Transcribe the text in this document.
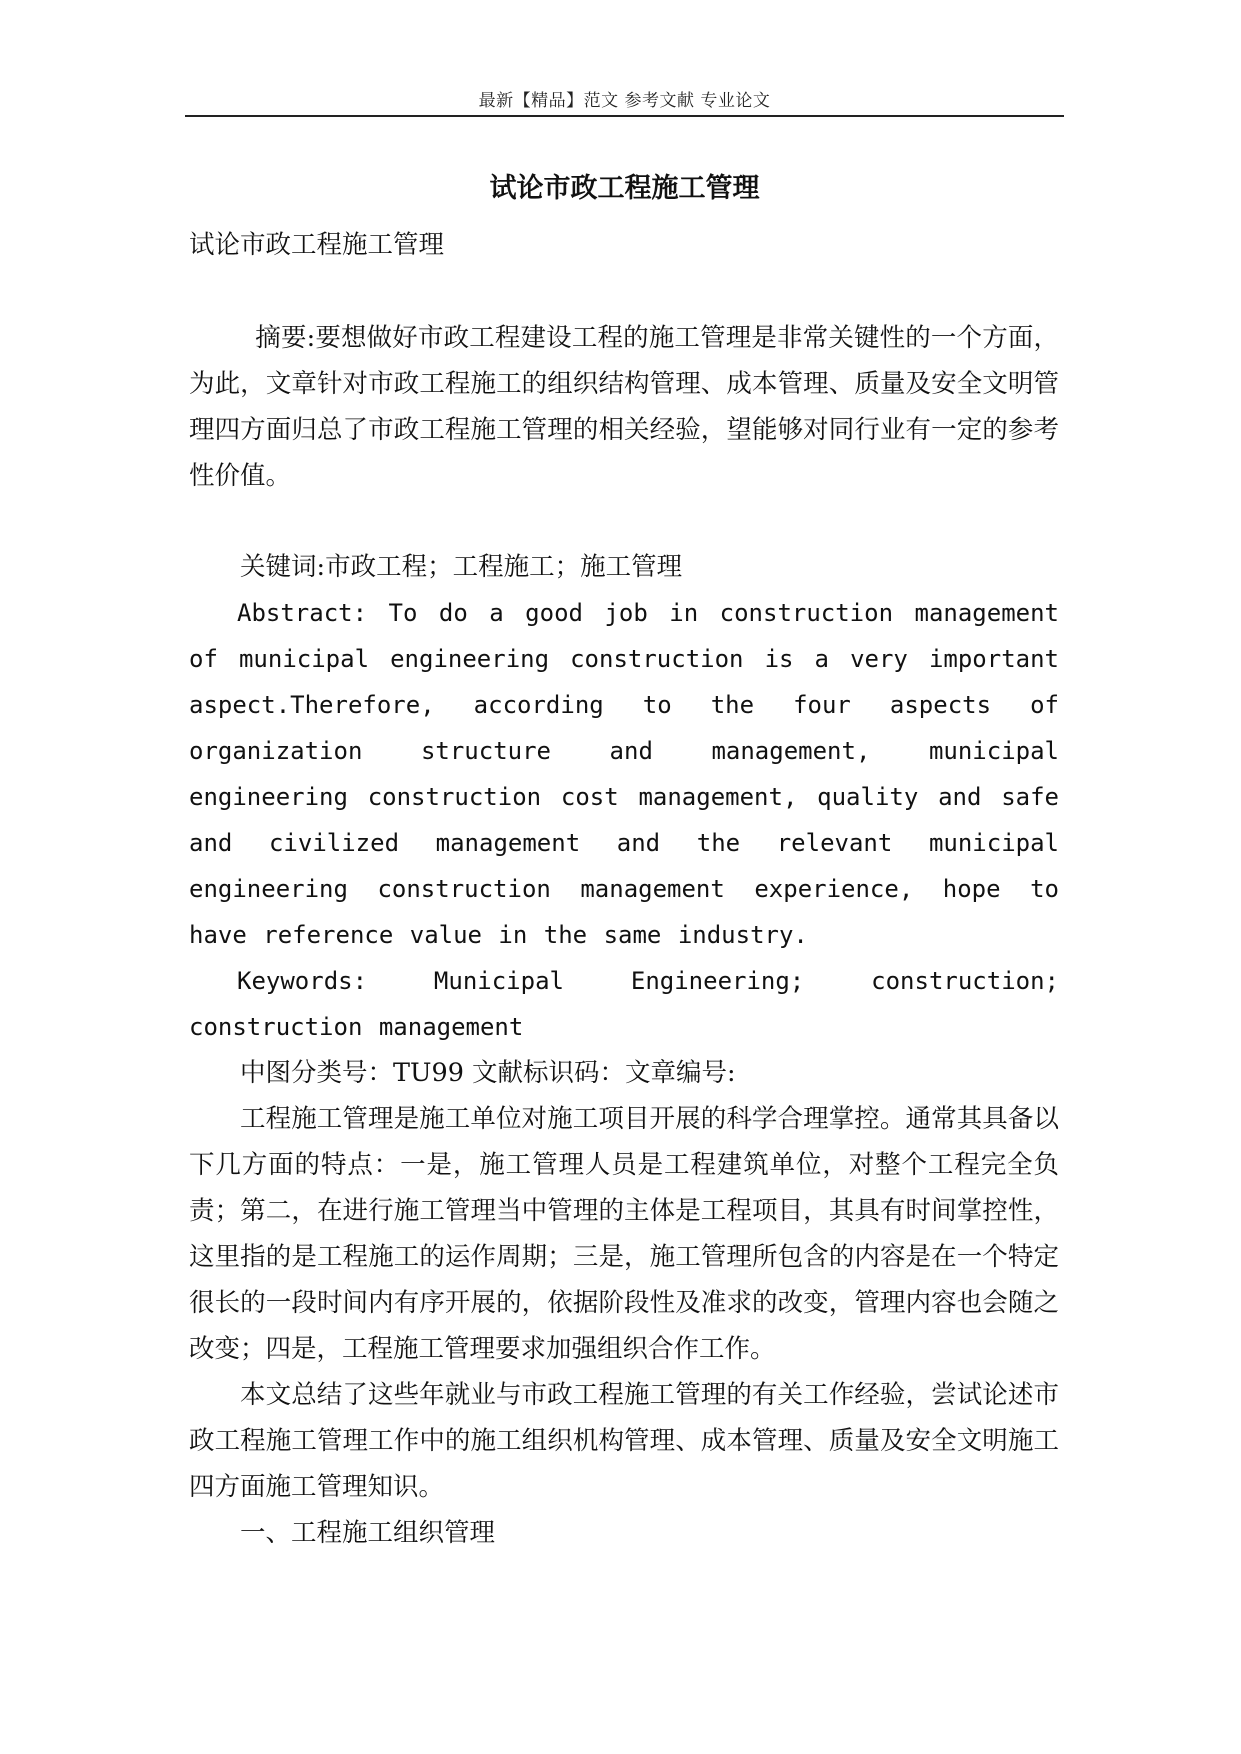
最新【精品】范文 参考文献 专业论文
试论市政工程施工管理

试论市政工程施工管理

摘要:要想做好市政工程建设工程的施工管理是非常关键性的一个方面，为此，文章针对市政工程施工的组织结构管理、成本管理、质量及安全文明管理四方面归总了市政工程施工管理的相关经验，望能够对同行业有一定的参考性价值。

关键词:市政工程；工程施工；施工管理

Abstract: To do a good job in construction management of municipal engineering construction is a very important aspect.Therefore, according to the four aspects of organization structure and management, municipal engineering construction cost management, quality and safe and civilized management and the relevant municipal engineering construction management experience, hope to have reference value in the same industry.

Keywords: Municipal Engineering; construction; construction management

中图分类号：TU99 文献标识码：文章编号:

工程施工管理是施工单位对施工项目开展的科学合理掌控。通常其具备以下几方面的特点：一是，施工管理人员是工程建筑单位，对整个工程完全负责；第二，在进行施工管理当中管理的主体是工程项目，其具有时间掌控性，这里指的是工程施工的运作周期；三是，施工管理所包含的内容是在一个特定很长的一段时间内有序开展的，依据阶段性及准求的改变，管理内容也会随之改变；四是，工程施工管理要求加强组织合作工作。

本文总结了这些年就业与市政工程施工管理的有关工作经验，尝试论述市政工程施工管理工作中的施工组织机构管理、成本管理、质量及安全文明施工四方面施工管理知识。

一、工程施工组织管理
